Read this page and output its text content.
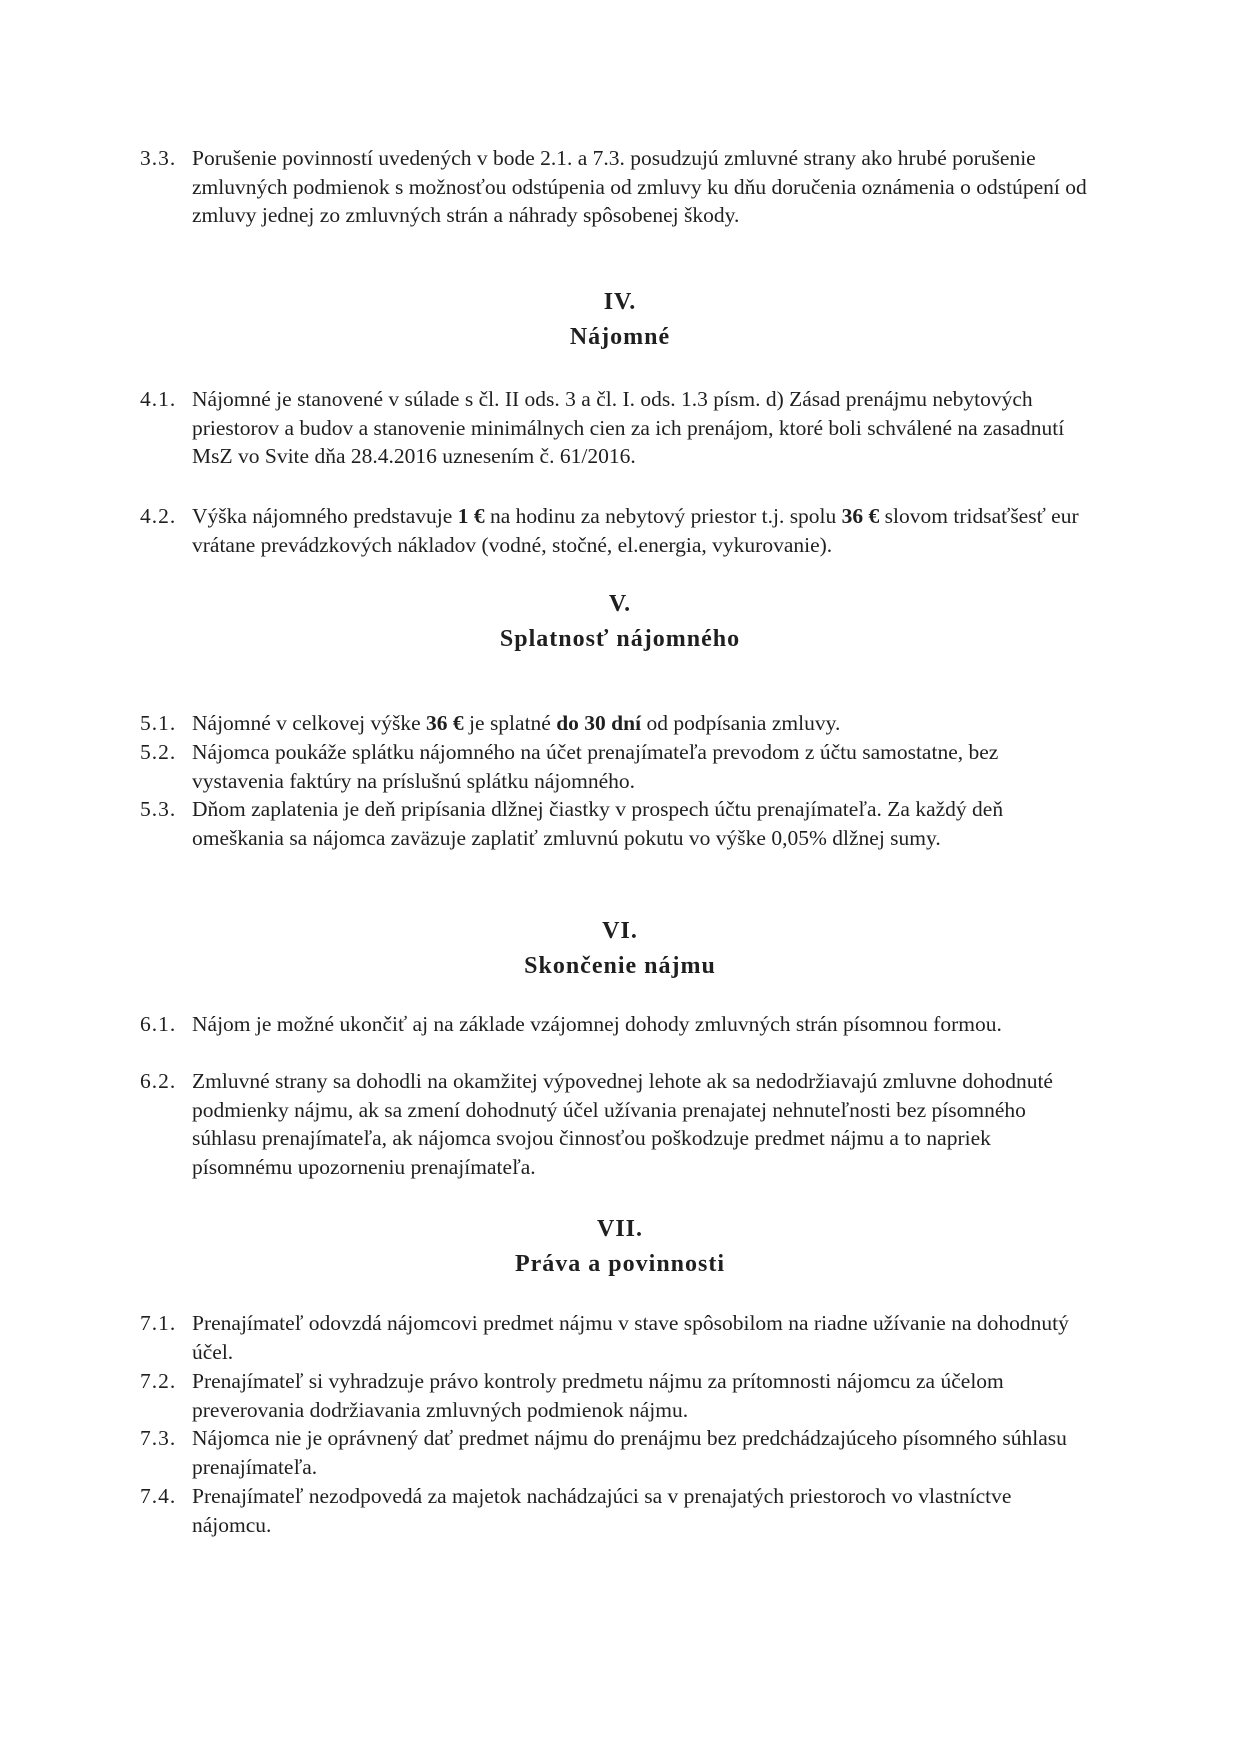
3.3. Porušenie povinností uvedených v bode 2.1. a 7.3. posudzujú zmluvné strany ako hrubé porušenie zmluvných podmienok s možnosťou odstúpenia od zmluvy ku dňu doručenia oznámenia o odstúpení od zmluvy jednej zo zmluvných strán a náhrady spôsobenej škody.
IV.
Nájomné
4.1. Nájomné je stanovené v súlade s čl. II ods. 3 a čl. I. ods. 1.3 písm. d) Zásad prenájmu nebytových priestorov a budov a stanovenie minimálnych cien za ich prenájom, ktoré boli schválené na zasadnutí MsZ vo Svite dňa 28.4.2016 uznesením č. 61/2016.
4.2. Výška nájomného predstavuje 1 € na hodinu za nebytový priestor t.j. spolu 36 € slovom tridsaťšesť eur vrátane prevádzkových nákladov (vodné, stočné, el.energia, vykurovanie).
V.
Splatnosť nájomného
5.1. Nájomné v celkovej výške 36 € je splatné do 30 dní od podpísania zmluvy.
5.2. Nájomca poukáže splátku nájomného na účet prenajímateľa prevodom z účtu samostatne, bez vystavenia faktúry na príslušnú splátku nájomného.
5.3. Dňom zaplatenia je deň pripísania dlžnej čiastky v prospech účtu prenajímateľa. Za každý deň omeškania sa nájomca zaväzuje zaplatiť zmluvnú pokutu vo výške 0,05% dlžnej sumy.
VI.
Skončenie nájmu
6.1. Nájom je možné ukončiť aj na základe vzájomnej dohody zmluvných strán písomnou formou.
6.2. Zmluvné strany sa dohodli na okamžitej výpovednej lehote ak sa nedodržiavajú zmluvne dohodnuté podmienky nájmu, ak sa zmení dohodnutý účel užívania prenajatej nehnuteľnosti bez písomného súhlasu prenajímateľa, ak nájomca svojou činnosťou poškodzuje predmet nájmu a to napriek písomnému upozorneniu prenajímateľa.
VII.
Práva a povinnosti
7.1. Prenajímateľ odovzdá nájomcovi predmet nájmu v stave spôsobilom na riadne užívanie na dohodnutý účel.
7.2. Prenajímateľ si vyhradzuje právo kontroly predmetu nájmu za prítomnosti nájomcu za účelom preverovania dodržiavania zmluvných podmienok nájmu.
7.3. Nájomca nie je oprávnený dať predmet nájmu do prenájmu bez predchádzajúceho písomného súhlasu prenajímateľa.
7.4. Prenajímateľ nezodpovedá za majetok nachádzajúci sa v prenajatých priestoroch vo vlastníctve nájomcu.
